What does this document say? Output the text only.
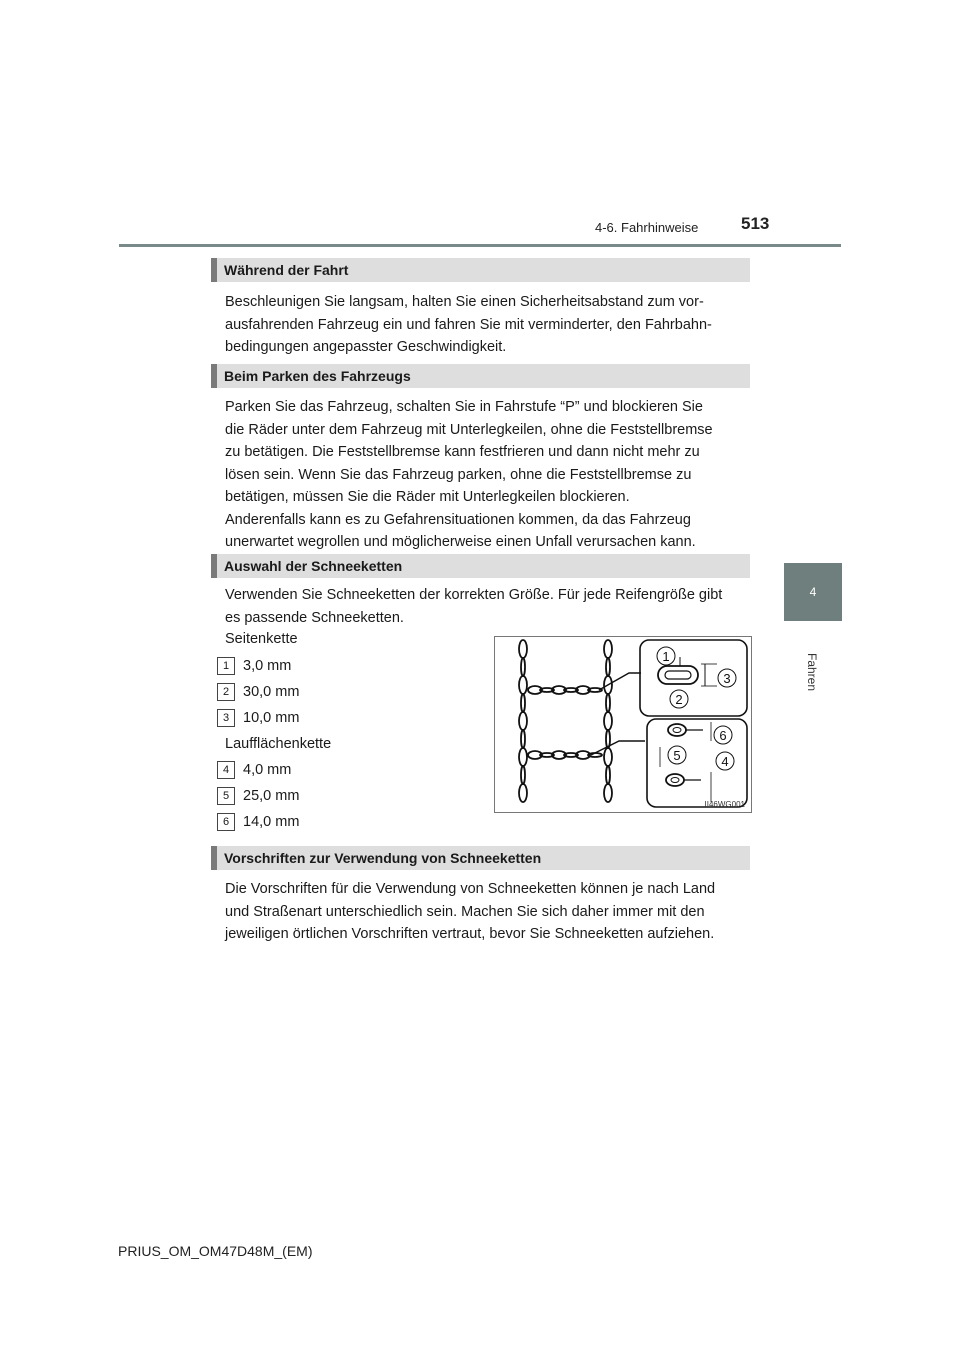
4-6. Fahrhinweise	513
4
Fahren
Während der Fahrt

Beschleunigen Sie langsam, halten Sie einen Sicherheitsabstand zum vor-
ausfahrenden Fahrzeug ein und fahren Sie mit verminderter, den Fahrbahn-
bedingungen angepasster Geschwindigkeit.

Beim Parken des Fahrzeugs

Parken Sie das Fahrzeug, schalten Sie in Fahrstufe “P” und blockieren Sie
die Räder unter dem Fahrzeug mit Unterlegkeilen, ohne die Feststellbremse
zu betätigen. Die Feststellbremse kann festfrieren und dann nicht mehr zu
lösen sein. Wenn Sie das Fahrzeug parken, ohne die Feststellbremse zu
betätigen, müssen Sie die Räder mit Unterlegkeilen blockieren.
Anderenfalls kann es zu Gefahrensituationen kommen, da das Fahrzeug
unerwartet wegrollen und möglicherweise einen Unfall verursachen kann.

Auswahl der Schneeketten

Verwenden Sie Schneeketten der korrekten Größe. Für jede Reifengröße gibt
es passende Schneeketten.

Seitenkette
1 3,0 mm
2 30,0 mm
3 10,0 mm
Laufflächenkette
4 4,0 mm
5 25,0 mm
6 14,0 mm
1
2
3
4
5
6
II46WG001
Vorschriften zur Verwendung von Schneeketten

Die Vorschriften für die Verwendung von Schneeketten können je nach Land
und Straßenart unterschiedlich sein. Machen Sie sich daher immer mit den
jeweiligen örtlichen Vorschriften vertraut, bevor Sie Schneeketten aufziehen.

PRIUS_OM_OM47D48M_(EM)
